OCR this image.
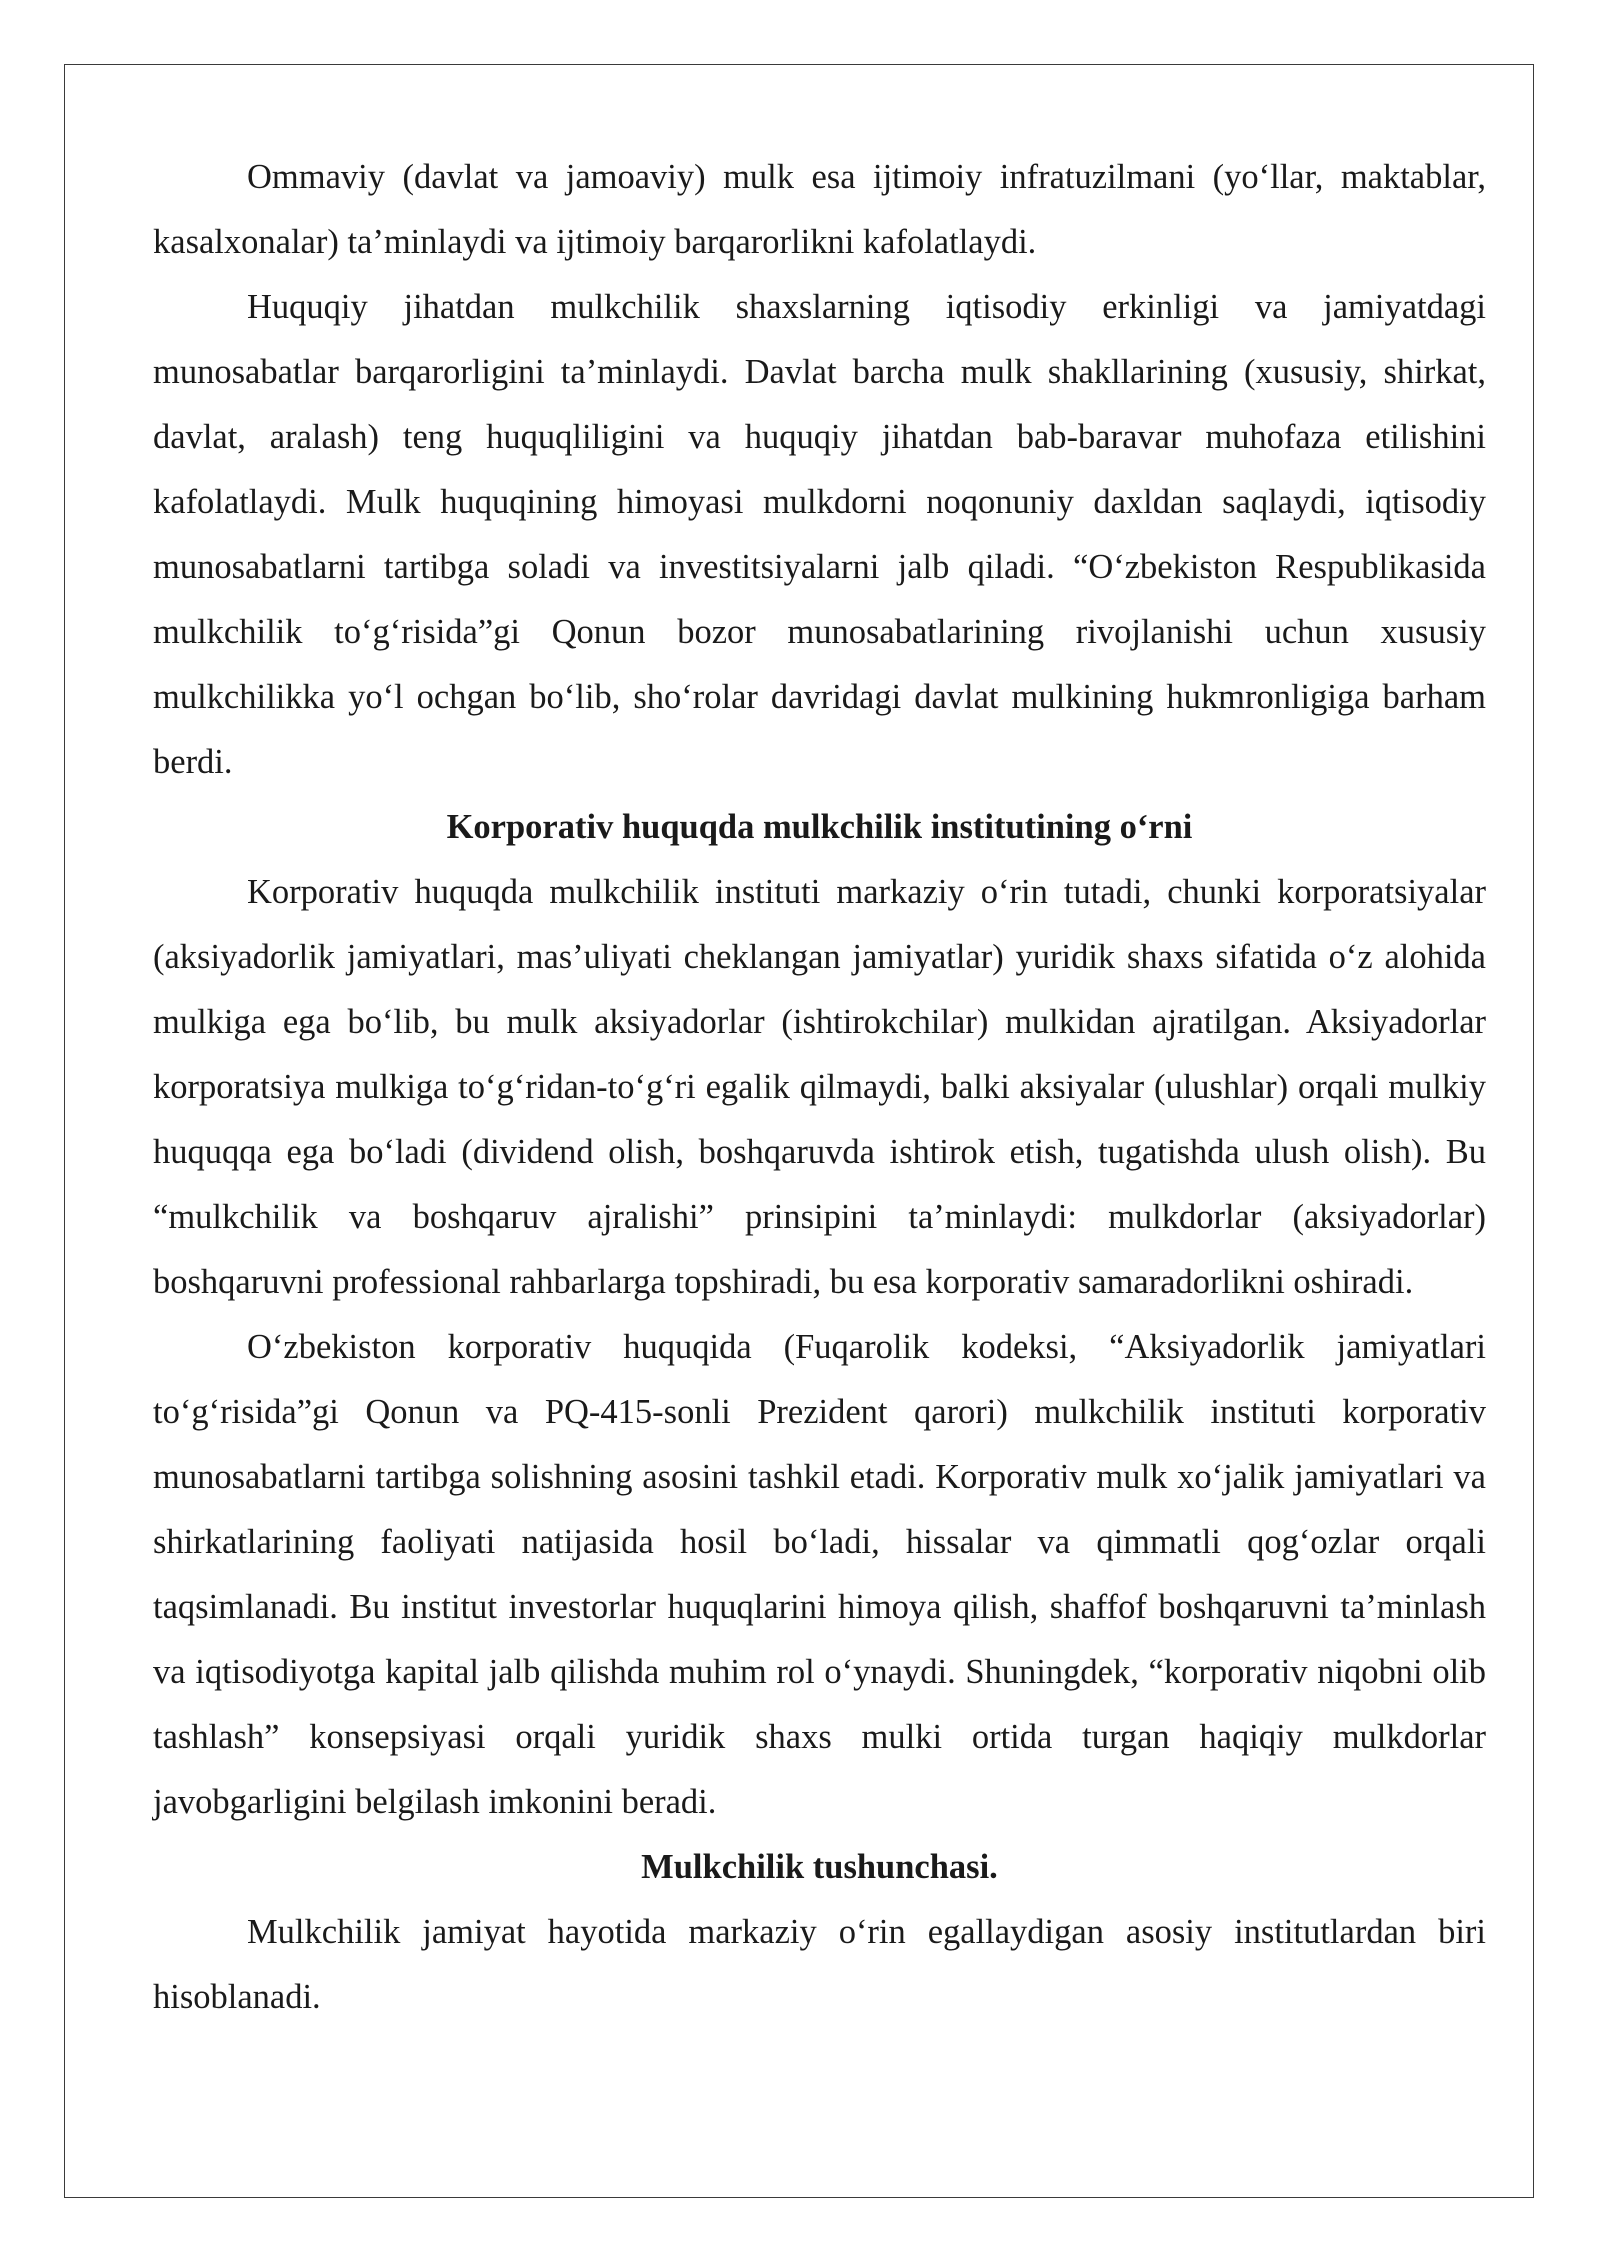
Ommaviy (davlat va jamoaviy) mulk esa ijtimoiy infratuzilmani (yo‘llar, maktablar, kasalxonalar) ta’minlaydi va ijtimoiy barqarorlikni kafolatlaydi.

Huquqiy jihatdan mulkchilik shaxslarning iqtisodiy erkinligi va jamiyatdagi munosabatlar barqarorligini ta’minlaydi. Davlat barcha mulk shakllarining (xususiy, shirkat, davlat, aralash) teng huquqliligini va huquqiy jihatdan bab-baravar muhofaza etilishini kafolatlaydi. Mulk huquqining himoyasi mulkdorni noqonuniy daxldan saqlaydi, iqtisodiy munosabatlarni tartibga soladi va investitsiyalarni jalb qiladi. “O‘zbekiston Respublikasida mulkchilik to‘g‘risida”gi Qonun bozor munosabatlarining rivojlanishi uchun xususiy mulkchilikka yo‘l ochgan bo‘lib, sho‘rolar davridagi davlat mulkining hukmronligiga barham berdi.

Korporativ huquqda mulkchilik institutining o‘rni

Korporativ huquqda mulkchilik instituti markaziy o‘rin tutadi, chunki korporatsiyalar (aksiyadorlik jamiyatlari, mas’uliyati cheklangan jamiyatlar) yuridik shaxs sifatida o‘z alohida mulkiga ega bo‘lib, bu mulk aksiyadorlar (ishtirokchilar) mulkidan ajratilgan. Aksiyadorlar korporatsiya mulkiga to‘g‘ridan-to‘g‘ri egalik qilmaydi, balki aksiyalar (ulushlar) orqali mulkiy huquqqa ega bo‘ladi (dividend olish, boshqaruvda ishtirok etish, tugatishda ulush olish). Bu “mulkchilik va boshqaruv ajralishi” prinsipini ta’minlaydi: mulkdorlar (aksiyadorlar) boshqaruvni professional rahbarlarga topshiradi, bu esa korporativ samaradorlikni oshiradi.

O‘zbekiston korporativ huquqida (Fuqarolik kodeksi, “Aksiyadorlik jamiyatlari to‘g‘risida”gi Qonun va PQ-415-sonli Prezident qarori) mulkchilik instituti korporativ munosabatlarni tartibga solishning asosini tashkil etadi. Korporativ mulk xo‘jalik jamiyatlari va shirkatlarining faoliyati natijasida hosil bo‘ladi, hissalar va qimmatli qog‘ozlar orqali taqsimlanadi. Bu institut investorlar huquqlarini himoya qilish, shaffof boshqaruvni ta’minlash va iqtisodiyotga kapital jalb qilishda muhim rol o‘ynaydi. Shuningdek, “korporativ niqobni olib tashlash” konsepsiyasi orqali yuridik shaxs mulki ortida turgan haqiqiy mulkdorlar javobgarligini belgilash imkonini beradi.

Mulkchilik tushunchasi.

Mulkchilik jamiyat hayotida markaziy o‘rin egallaydigan asosiy institutlardan biri hisoblanadi.
